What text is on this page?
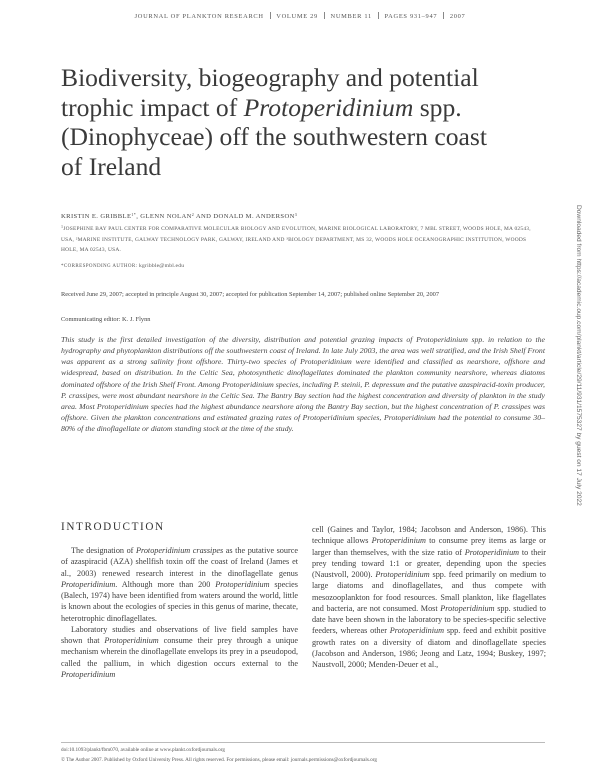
JOURNAL OF PLANKTON RESEARCH VOLUME 29 NUMBER 11 PAGES 931–947 2007
Biodiversity, biogeography and potential trophic impact of Protoperidinium spp. (Dinophyceae) off the southwestern coast of Ireland
KRISTIN E. $GRIBBLE^{1*}$, GLENN NOLAN$^2$ AND DONALD M. ANDERSON$^3$
$^1$JOSEPHINE BAY PAUL CENTER FOR COMPARATIVE MOLECULAR BIOLOGY AND EVOLUTION, MARINE BIOLOGICAL LABORATORY, 7 MBL STREET, WOODS HOLE, MA 02543, USA, ²MARINE INSTITUTE, GALWAY TECHNOLOGY PARK, GALWAY, IRELAND AND ³BIOLOGY DEPARTMENT, MS 32, WOODS HOLE OCEANOGRAPHIC INSTITUTION, WOODS HOLE, MA 02543, USA.
*CORRESPONDING AUTHOR: kgribble@mbl.edu
Received June 29, 2007; accepted in principle August 30, 2007; accepted for publication September 14, 2007; published online September 20, 2007
Communicating editor: K. J. Flynn

This study is the first detailed investigation of the diversity, distribution and potential grazing impacts of Protoperidinium spp. in relation to the hydrography and phytoplankton distributions off the southwestern coast of Ireland. In late July 2003, the area was well stratified, and the Irish Shelf Front was apparent as a strong salinity front offshore. Thirty-two species of Protoperidinium were identified and classified as nearshore, offshore and widespread, based on distribution. In the Celtic Sea, photosynthetic dinoflagellates dominated the plankton community nearshore, whereas diatoms dominated offshore of the Irish Shelf Front. Among Protoperidinium species, including P. steinii, P. depressum and the putative azaspiracid-toxin producer, P. crassipes, were most abundant nearshore in the Celtic Sea. The Bantry Bay section had the highest concentration and diversity of plankton in the study area. Most Protoperidinium species had the highest abundance nearshore along the Bantry Bay section, but the highest concentration of P. crassipes was offshore. Given the plankton concentrations and estimated grazing rates of Protoperidinium species, Protoperidinium had the potential to consume 30–80% of the dinoflagellate or diatom standing stock at the time of the study.

INTRODUCTION

The designation of Protoperidinium crassipes as the putative source of azaspiracid (AZA) shellfish toxin off the coast of Ireland (James et al., 2003) renewed research interest in the dinoflagellate genus Protoperidinium. Although more than 200 Protoperidinium species (Balech, 1974) have been identified from waters around the world, little is known about the ecologies of species in this genus of marine, thecate, heterotrophic dinoflagellates.
Laboratory studies and observations of live field samples have shown that Protoperidinium consume their prey through a unique mechanism wherein the dinoflagellate envelops its prey in a pseudopod, called the pallium, in which digestion occurs external to the Protoperidinium

cell (Gaines and Taylor, 1984; Jacobson and Anderson, 1986). This technique allows Protoperidinium to consume prey items as large or larger than themselves, with the size ratio of Protoperidinium to their prey tending toward 1:1 or greater, depending upon the species (Naustvoll, 2000). Protoperidinium spp. feed primarily on medium to large diatoms and dinoflagellates, and thus compete with mesozooplankton for food resources. Small plankton, like flagellates and bacteria, are not consumed. Most Protoperidinium spp. studied to date have been shown in the laboratory to be species-specific selective feeders, whereas other Protoperidinium spp. feed and exhibit positive growth rates on a diversity of diatom and dinoflagellate species (Jacobson and Anderson, 1986; Jeong and Latz, 1994; Buskey, 1997; Naustvoll, 2000; Menden-Deuer et al.,

doi:10.1093/plankt/fbm070, available online at www.plankt.oxfordjournals.org
© The Author 2007. Published by Oxford University Press. All rights reserved. For permissions, please email: journals.permissions@oxfordjournals.org
Downloaded from https://academic.oup.com/plankt/article/29/11/931/1575327 by guest on 17 July 2022
